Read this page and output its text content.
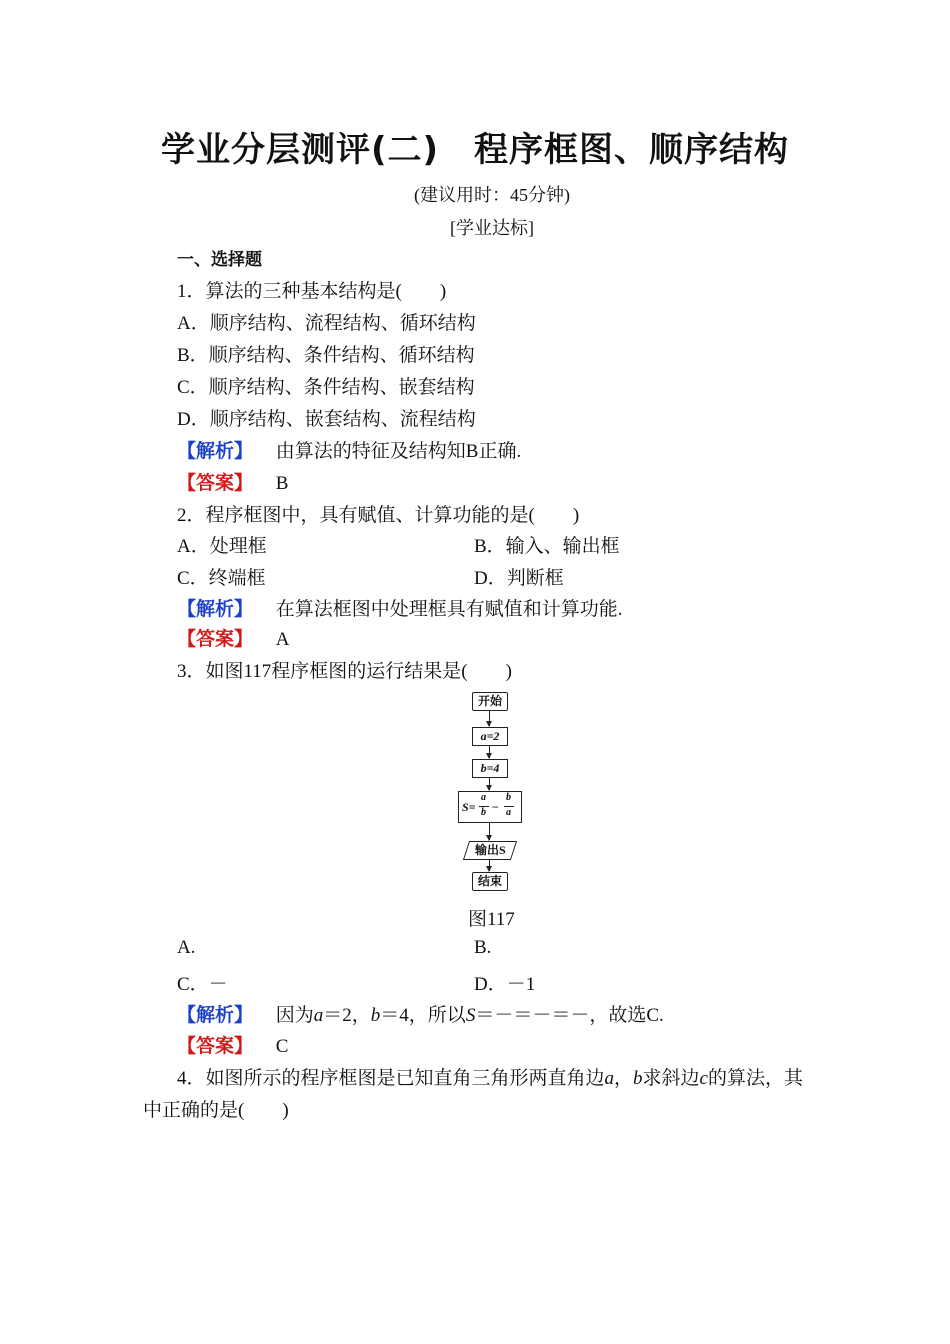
学业分层测评(二)　程序框图、顺序结构
(建议用时：45分钟)
[学业达标]
一、选择题
1．算法的三种基本结构是(　　)
A．顺序结构、流程结构、循环结构
B．顺序结构、条件结构、循环结构
C．顺序结构、条件结构、嵌套结构
D．顺序结构、嵌套结构、流程结构
【解析】 由算法的特征及结构知B正确.
【答案】 B
2．程序框图中，具有赋值、计算功能的是(　　)
A．处理框	B．输入、输出框
C．终端框	D．判断框
【解析】 在算法框图中处理框具有赋值和计算功能.
【答案】 A
3．如图117程序框图的运行结果是(　　)
开始
a=2
b=4
S=
a
b −
b
a
输出S
结束
图117
A.	B.
C．－	D．－1
【解析】 因为a＝2，b＝4，所以S＝－＝－＝－，故选C.
【答案】 C
4．如图所示的程序框图是已知直角三角形两直角边a，b求斜边c的算法，其
中正确的是(　　)
